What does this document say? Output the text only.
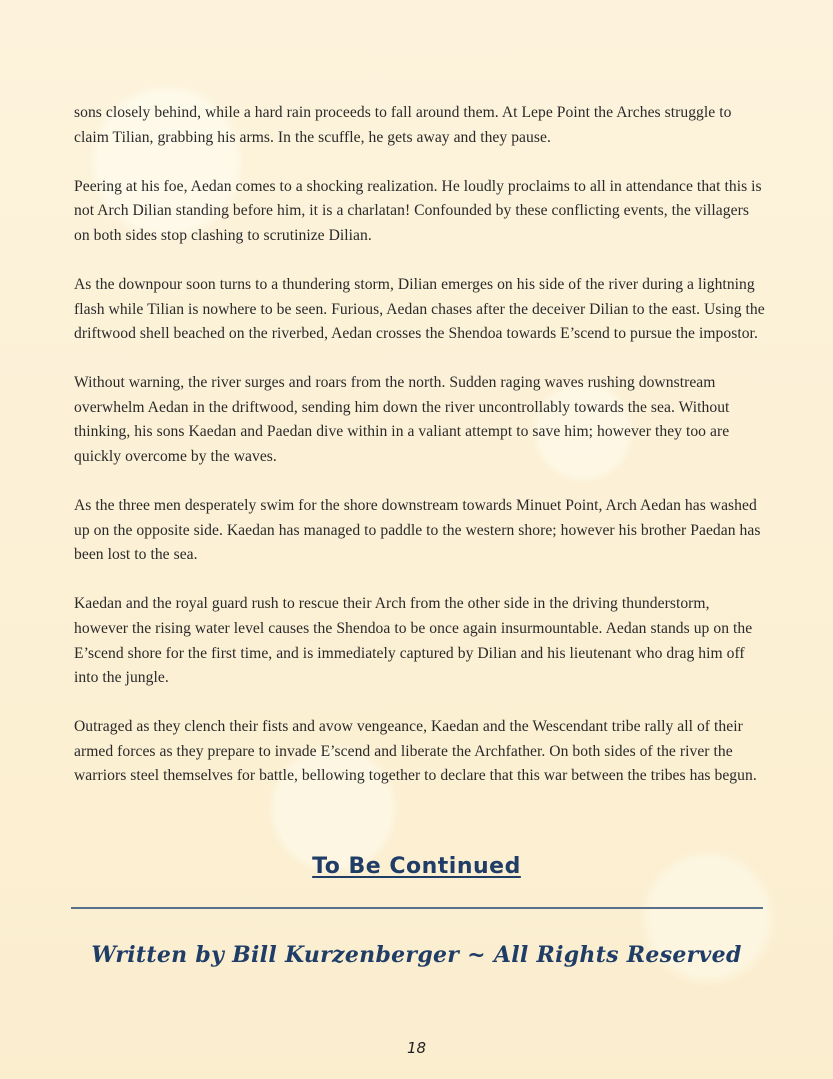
sons closely behind, while a hard rain proceeds to fall around them. At Lepe Point the Arches struggle to claim Tilian, grabbing his arms. In the scuffle, he gets away and they pause.

Peering at his foe, Aedan comes to a shocking realization. He loudly proclaims to all in attendance that this is not Arch Dilian standing before him, it is a charlatan! Confounded by these conflicting events, the villagers on both sides stop clashing to scrutinize Dilian.

As the downpour soon turns to a thundering storm, Dilian emerges on his side of the river during a lightning flash while Tilian is nowhere to be seen. Furious, Aedan chases after the deceiver Dilian to the east. Using the driftwood shell beached on the riverbed, Aedan crosses the Shendoa towards E’scend to pursue the impostor.

Without warning, the river surges and roars from the north. Sudden raging waves rushing downstream overwhelm Aedan in the driftwood, sending him down the river uncontrollably towards the sea. Without thinking, his sons Kaedan and Paedan dive within in a valiant attempt to save him; however they too are quickly overcome by the waves.

As the three men desperately swim for the shore downstream towards Minuet Point, Arch Aedan has washed up on the opposite side. Kaedan has managed to paddle to the western shore; however his brother Paedan has been lost to the sea.

Kaedan and the royal guard rush to rescue their Arch from the other side in the driving thunderstorm, however the rising water level causes the Shendoa to be once again insurmountable. Aedan stands up on the E’scend shore for the first time, and is immediately captured by Dilian and his lieutenant who drag him off into the jungle.

Outraged as they clench their fists and avow vengeance, Kaedan and the Wescendant tribe rally all of their armed forces as they prepare to invade E’scend and liberate the Archfather. On both sides of the river the warriors steel themselves for battle, bellowing together to declare that this war between the tribes has begun.

To Be Continued
Written by Bill Kurzenberger ~ All Rights Reserved
18
